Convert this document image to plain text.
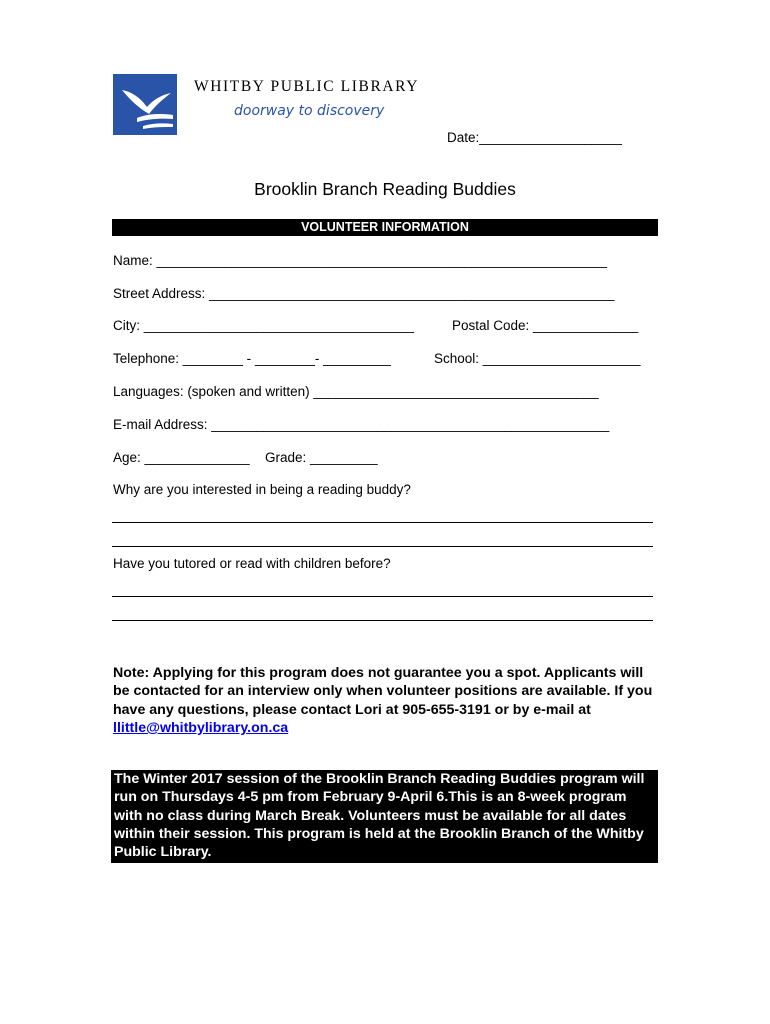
WHITBY PUBLIC LIBRARY
doorway to discovery
Date:___________________
Brooklin Branch Reading Buddies
VOLUNTEER INFORMATION
Name: ____________________________________________________________
Street Address: ______________________________________________________
City: ____________________________________	Postal Code: ______________
Telephone: ________ - ________- _________	School: _____________________
Languages: (spoken and written) ______________________________________
E-mail Address: _____________________________________________________
Age: ______________ Grade: _________
Why are you interested in being a reading buddy?
Have you tutored or read with children before?
Note: Applying for this program does not guarantee you a spot. Applicants will be contacted for an interview only when volunteer positions are available. If you have any questions, please contact Lori at 905-655-3191 or by e-mail at llittle@whitbylibrary.on.ca
The Winter 2017 session of the Brooklin Branch Reading Buddies program will run on Thursdays 4-5 pm from February 9-April 6.This is an 8-week program with no class during March Break. Volunteers must be available for all dates within their session. This program is held at the Brooklin Branch of the Whitby Public Library.
